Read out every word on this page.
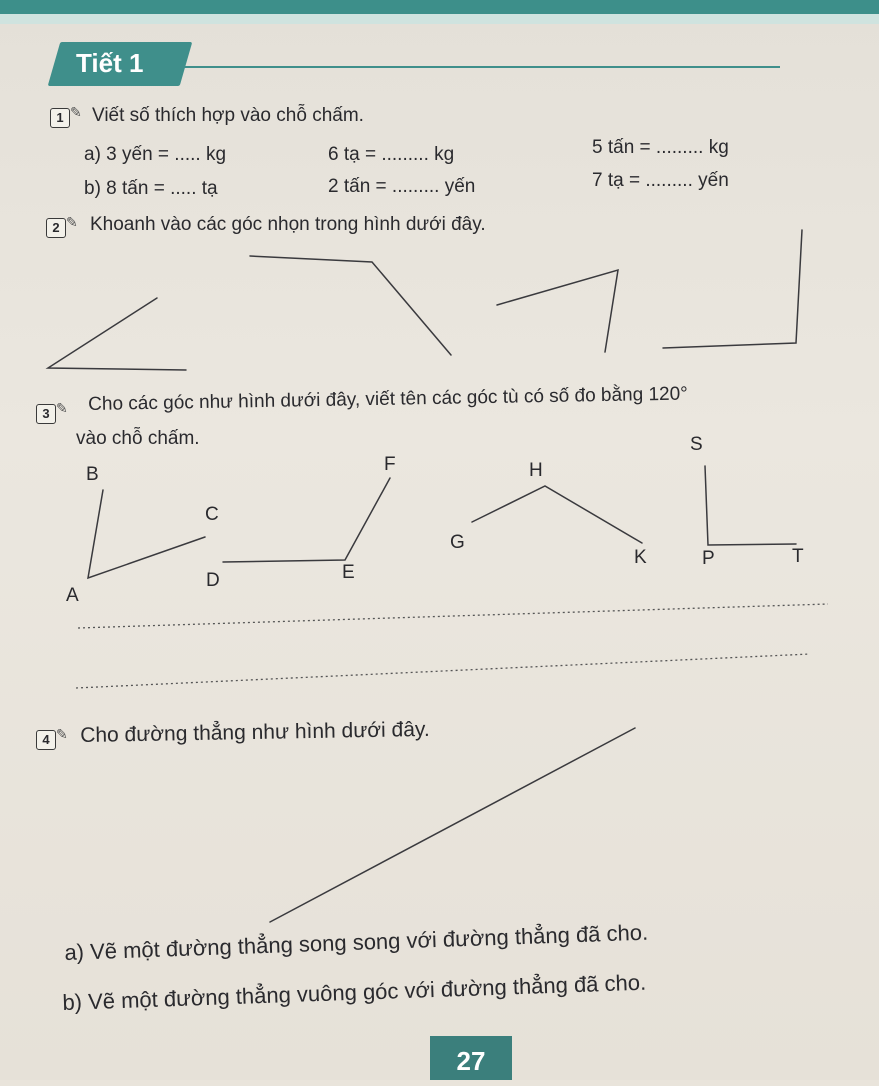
Tiết 1
1 ✎ Viết số thích hợp vào chỗ chấm.
a) 3 yến = ..... kg	6 tạ = ......... kg	5 tấn = ......... kg
b) 8 tấn = ..... tạ	2 tấn = ......... yến	7 tạ = ......... yến
2 ✎ Khoanh vào các góc nhọn trong hình dưới đây.
3 ✎ Cho các góc như hình dưới đây, viết tên các góc tù có số đo bằng 120°
vào chỗ chấm.
B
C
A
F
D	E
H
G
K
S
P	T
4 ✎ Cho đường thẳng như hình dưới đây.
a) Vẽ một đường thẳng song song với đường thẳng đã cho.
b) Vẽ một đường thẳng vuông góc với đường thẳng đã cho.
27
